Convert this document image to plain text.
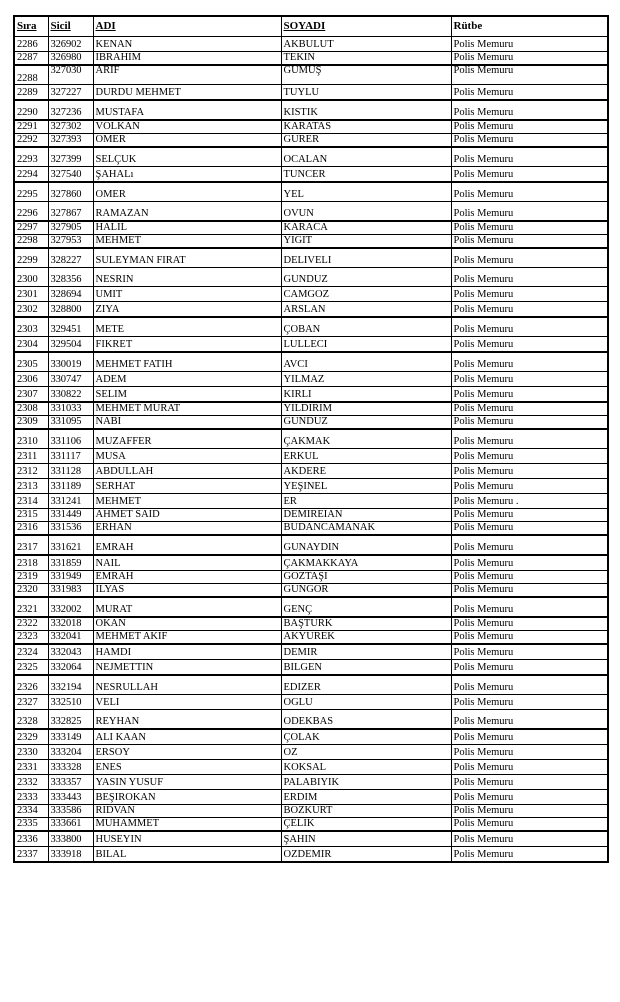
Sıra	Sicil	ADI	SOYADI	Rütbe
2286	326902	KENAN	AKBULUT	Polis Memuru
2287	326980	IBRAHIM	TEKIN	Polis Memuru
2288	327030	ARIF	GUMUŞ	Polis Memuru
2289	327227	DURDU MEHMET	TUYLU	Polis Memuru
2290	327236	MUSTAFA	KISTIK	Polis Memuru
2291	327302	VOLKAN	KARATAS	Polis Memuru
2292	327393	OMER	GURER	Polis Memuru
2293	327399	SELÇUK	OCALAN	Polis Memuru
2294	327540	ŞAHALı	TUNCER	Polis Memuru
2295	327860	OMER	YEL	Polis Memuru
2296	327867	RAMAZAN	OVUN	Polis Memuru
2297	327905	HALIL	KARACA	Polis Memuru
2298	327953	MEHMET	YIGIT	Polis Memuru
2299	328227	SULEYMAN FIRAT	DELIVELI	Polis Memuru
2300	328356	NESRIN	GUNDUZ	Polis Memuru
2301	328694	UMIT	CAMGOZ	Polis Memuru
2302	328800	ZIYA	ARSLAN	Polis Memuru
2303	329451	METE	ÇOBAN	Polis Memuru
2304	329504	FIKRET	LULLECI	Polis Memuru
2305	330019	MEHMET FATIH	AVCI	Polis Memuru
2306	330747	ADEM	YILMAZ	Polis Memuru
2307	330822	SELIM	KIRLI	Polis Memuru
2308	331033	MEHMET MURAT	YILDIRIM	Polis Memuru
2309	331095	NABI	GUNDUZ	Polis Memuru
2310	331106	MUZAFFER	ÇAKMAK	Polis Memuru
2311	331117	MUSA	ERKUL	Polis Memuru
2312	331128	ABDULLAH	AKDERE	Polis Memuru
2313	331189	SERHAT	YEŞINEL	Polis Memuru
2314	331241	MEHMET	ER	Polis Memuru .
2315	331449	AHMET SAID	DEMIREIAN	Polis Memuru
2316	331536	ERHAN	BUDANCAMANAK	Polis Memuru
2317	331621	EMRAH	GUNAYDIN	Polis Memuru
2318	331859	NAIL	ÇAKMAKKAYA	Polis Memuru
2319	331949	EMRAH	GOZTAŞI	Polis Memuru
2320	331983	ILYAS	GUNGOR	Polis Memuru
2321	332002	MURAT	GENÇ	Polis Memuru
2322	332018	OKAN	BAŞTURK	Polis Memuru
2323	332041	MEHMET AKIF	AKYUREK	Polis Memuru
2324	332043	HAMDI	DEMIR	Polis Memuru
2325	332064	NEJMETTIN	BILGEN	Polis Memuru
2326	332194	NESRULLAH	EDIZER	Polis Memuru
2327	332510	VELI	OGLU	Polis Memuru
2328	332825	REYHAN	ODEKBAS	Polis Memuru
2329	333149	ALI KAAN	ÇOLAK	Polis Memuru
2330	333204	ERSOY	OZ	Polis Memuru
2331	333328	ENES	KOKSAL	Polis Memuru
2332	333357	YASIN YUSUF	PALABIYIK	Polis Memuru
2333	333443	BEŞIROKAN	ERDIM	Polis Memuru
2334	333586	RIDVAN	BOZKURT	Polis Memuru
2335	333661	MUHAMMET	ÇELIK	Polis Memuru
2336	333800	HUSEYIN	ŞAHIN	Polis Memuru
2337	333918	BILAL	OZDEMIR	Polis Memuru
